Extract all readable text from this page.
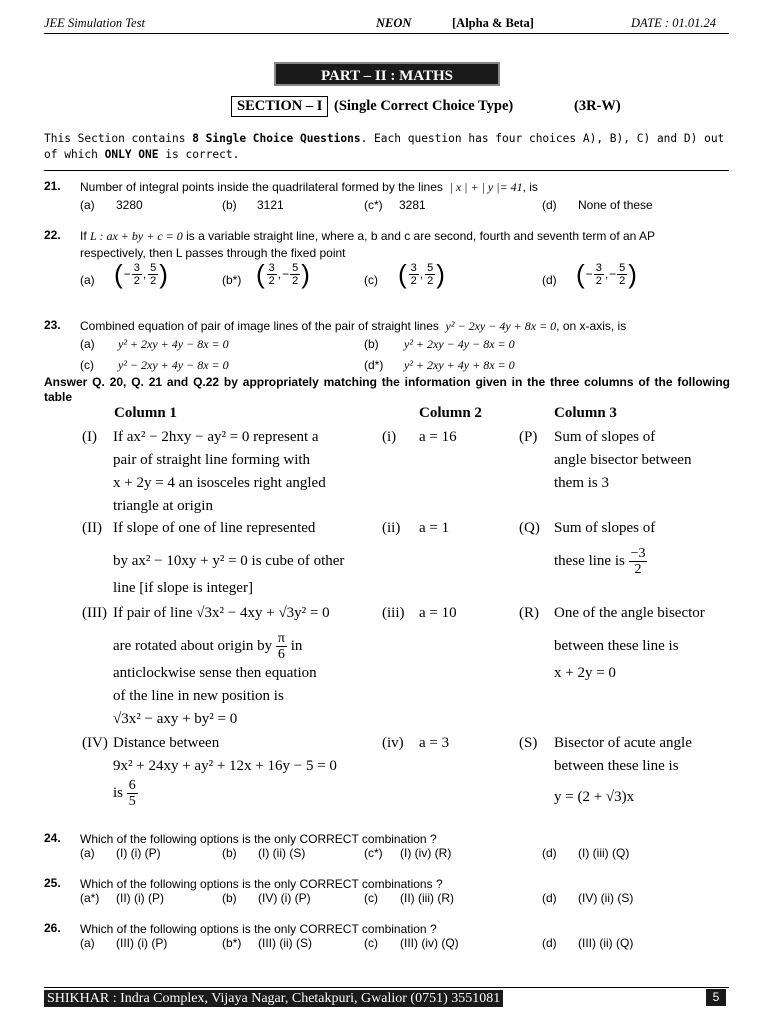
JEE Simulation Test	NEON	[Alpha & Beta]	DATE : 01.01.24
PART – II : MATHS
SECTION – I (Single Correct Choice Type)	(3R-W)
This Section contains 8 Single Choice Questions. Each question has four choices A), B), C) and D) out of which ONLY ONE is correct.
21. Number of integral points inside the quadrilateral formed by the lines | x | + | y |= 41, is
(a) 3280	(b) 3121	(c*) 3281	(d) None of these
22. If L : ax + by + c = 0 is a variable straight line, where a, b and c are second, fourth and seventh term of an AP
respectively, then L passes through the fixed point
(a) ( − $\frac{3}{2}$ , $\frac{5}{2}$ )	(b*) ( $\frac{3}{2}$ , − $\frac{5}{2}$ )	(c) ( $\frac{3}{2}$ , $\frac{5}{2}$ )	(d) ( − $\frac{3}{2}$ , − $\frac{5}{2}$ )
23. Combined equation of pair of image lines of the pair of straight lines y² − 2xy − 4y + 8x = 0, on x-axis, is
(a) y² + 2xy + 4y − 8x = 0	(b) y² + 2xy − 4y − 8x = 0
(c) y² − 2xy + 4y − 8x = 0	(d*) y² + 2xy + 4y + 8x = 0
Answer Q. 20, Q. 21 and Q.22 by appropriately matching the information given in the three columns of the following table
Column 1	Column 2	Column 3
(I) If ax² − 2hxy − ay² = 0 represent a
pair of straight line forming with
x + 2y = 4 an isosceles right angled
triangle at origin
(i) a = 16	(P) Sum of slopes of
angle bisector between
them is 3
(II) If slope of one of line represented
by ax² − 10xy + y² = 0 is cube of other
line [if slope is integer]
(ii) a = 1	(Q) Sum of slopes of
these line is $\frac{-3}{2}$
(III) If pair of line √3x² − 4xy + √3y² = 0
are rotated about origin by $\frac{\pi}{6}$ in
anticlockwise sense then equation
of the line in new position is
√3x² − axy + by² = 0
(iii) a = 10	(R) One of the angle bisector
between these line is
x + 2y = 0
(IV) Distance between
9x² + 24xy + ay² + 12x + 16y − 5 = 0
is $\frac{6}{5}$
(iv) a = 3	(S) Bisector of acute angle
between these line is
y = (2 + √3)x
24. Which of the following options is the only CORRECT combination ?
(a) (I) (i) (P)	(b) (I) (ii) (S)	(c*) (I) (iv) (R)	(d) (I) (iii) (Q)
25. Which of the following options is the only CORRECT combinations ?
(a*) (II) (i) (P)	(b) (IV) (i) (P)	(c) (II) (iii) (R)	(d) (IV) (ii) (S)
26. Which of the following options is the only CORRECT combination ?
(a) (III) (i) (P)	(b*) (III) (ii) (S)	(c) (III) (iv) (Q)	(d) (III) (ii) (Q)
SHIKHAR : Indra Complex, Vijaya Nagar, Chetakpuri, Gwalior (0751) 3551081	5
